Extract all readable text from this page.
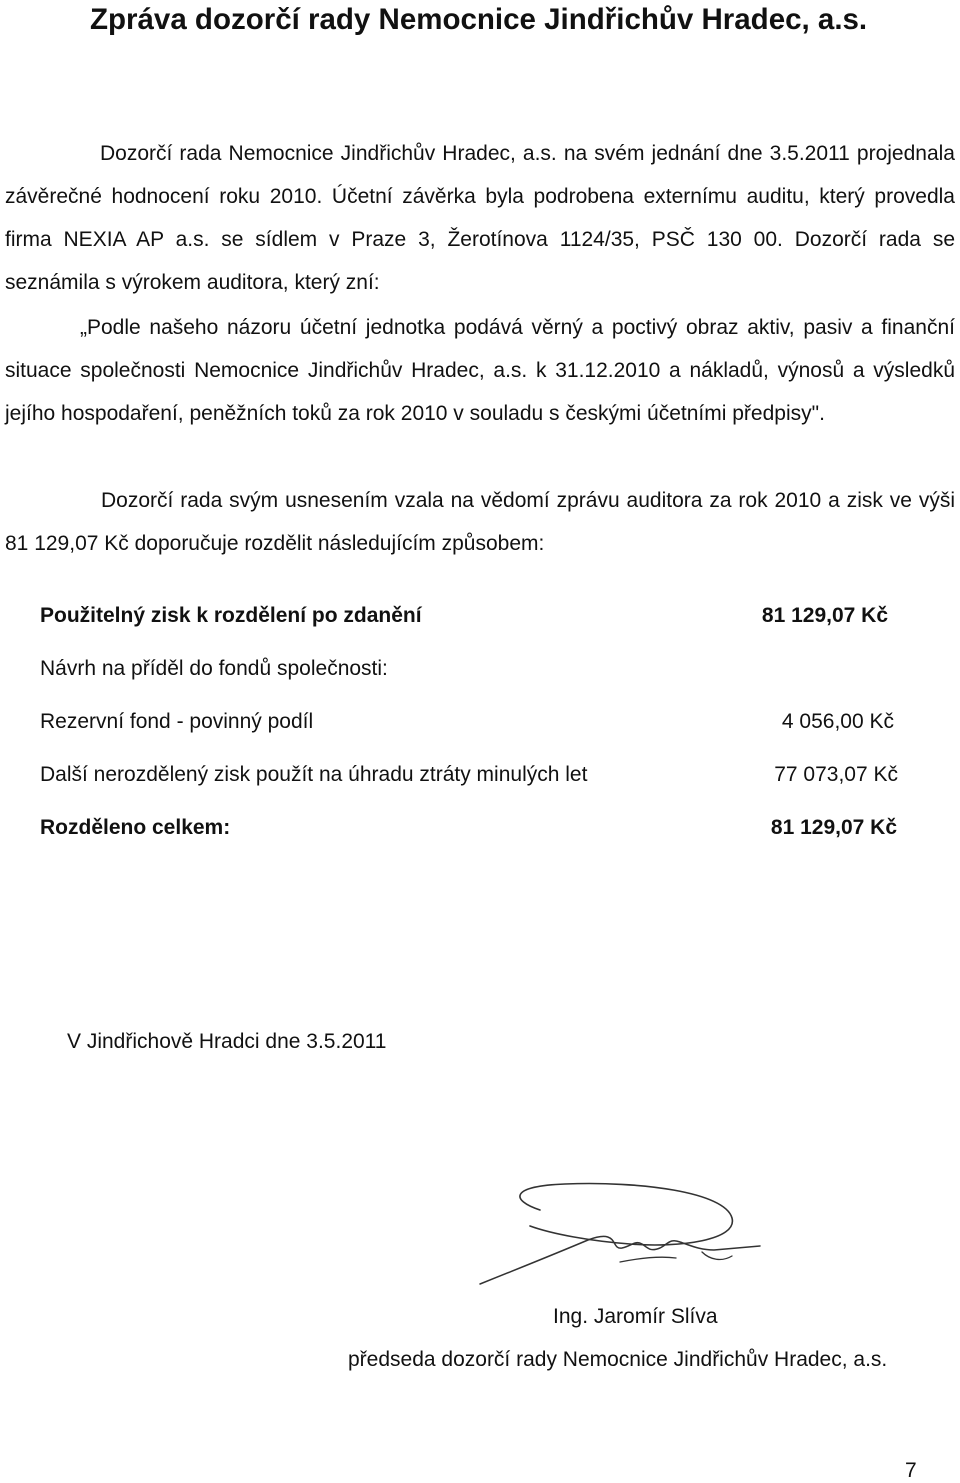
Zpráva dozorčí rady Nemocnice Jindřichův Hradec, a.s.

Dozorčí rada Nemocnice Jindřichův Hradec, a.s. na svém jednání dne 3.5.2011 projednala závěrečné hodnocení roku 2010. Účetní závěrka byla podrobena externímu auditu, který provedla firma NEXIA AP a.s. se sídlem v Praze 3, Žerotínova 1124/35, PSČ 130 00. Dozorčí rada se seznámila s výrokem auditora, který zní:

„Podle našeho názoru účetní jednotka podává věrný a poctivý obraz aktiv, pasiv a finanční situace společnosti Nemocnice Jindřichův Hradec, a.s. k 31.12.2010 a nákladů, výnosů a výsledků jejího hospodaření, peněžních toků za rok 2010 v souladu s českými účetními předpisy".

Dozorčí rada svým usnesením vzala na vědomí zprávu auditora za rok 2010 a zisk ve výši 81 129,07 Kč doporučuje rozdělit následujícím způsobem:

Použitelný zisk k rozdělení po zdanění	81 129,07 Kč
Návrh na příděl do fondů společnosti:
Rezervní fond - povinný podíl	4 056,00 Kč
Další nerozdělený zisk použít na úhradu ztráty minulých let	77 073,07 Kč
Rozděleno celkem:	81 129,07 Kč
V Jindřichově Hradci dne 3.5.2011
Ing. Jaromír Slíva
předseda dozorčí rady Nemocnice Jindřichův Hradec, a.s.
7
